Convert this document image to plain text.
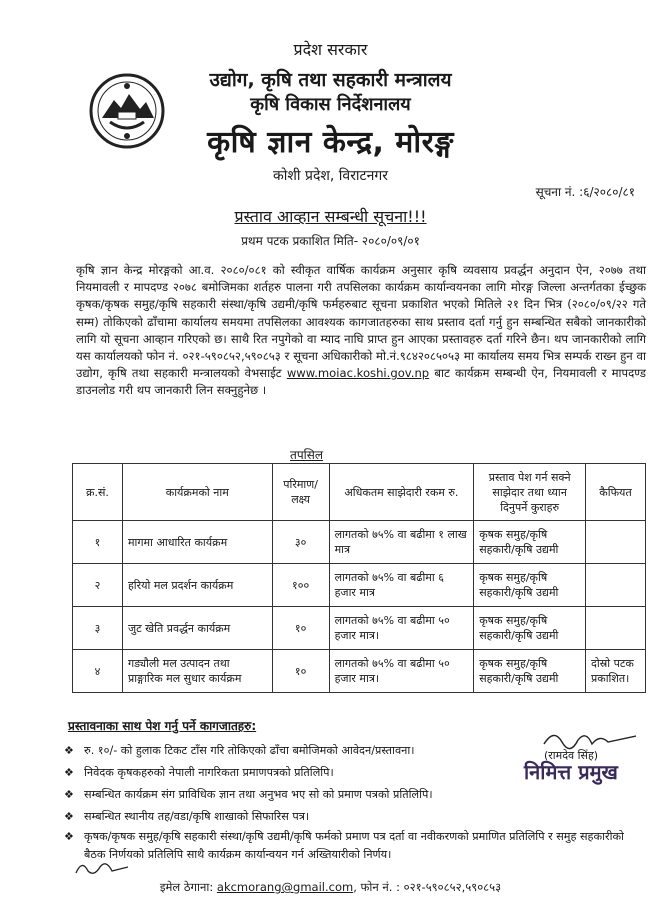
प्रदेश सरकार
उद्योग, कृषि तथा सहकारी मन्त्रालय
कृषि विकास निर्देशनालय
कृषि ज्ञान केन्द्र, मोरङ्ग
कोशी प्रदेश, विराटनगर
सूचना नं. :६/२०८०/८१
प्रस्ताव आव्हान सम्बन्धी सूचना!!!
प्रथम पटक प्रकाशित मिति- २०८०/०९/०१

कृषि ज्ञान केन्द्र मोरङ्गको आ.व. २०८०/०८१ को स्वीकृत वार्षिक कार्यक्रम अनुसार कृषि व्यवसाय प्रवर्द्धन अनुदान ऐन, २०७७ तथा नियमावली र मापदण्ड २०७८ बमोजिमका शर्तहरु पालना गरी तपसिलका कार्यक्रम कार्यान्वयनका लागि मोरङ्ग जिल्ला अन्तर्गतका ईच्छुक कृषक/कृषक समुह/कृषि सहकारी संस्था/कृषि उद्यमी/कृषि फर्महरुबाट सूचना प्रकाशित भएको मितिले २१ दिन भित्र (२०८०/०९/२२ गते सम्म) तोकिएको ढाँचामा कार्यालय समयमा तपसिलका आवश्यक कागजातहरुका साथ प्रस्ताव दर्ता गर्नु हुन सम्बन्धित सबैको जानकारीको लागि यो सूचना आव्हान गरिएको छ। साथै रित नपुगेको वा म्याद नाघि प्राप्त हुन आएका प्रस्तावहरु दर्ता गरिने छैन। थप जानकारीको लागि यस कार्यालयको फोन नं. ०२१-५९०८५२,५९०८५३ र सूचना अधिकारीको मो.नं.९८४२०८५०५३ मा कार्यालय समय भित्र सम्पर्क राख्न हुन वा उद्योग, कृषि तथा सहकारी मन्त्रालयको वेभसाईट www.moiac.koshi.gov.np बाट कार्यक्रम सम्बन्धी ऐन, नियमावली र मापदण्ड डाउनलोड गरी थप जानकारी लिन सक्नुहुनेछ ।

तपसिल
क्र.सं.	कार्यक्रमको नाम	परिमाण/ लक्ष्य	अधिकतम साझेदारी रकम रु.	प्रस्ताव पेश गर्न सक्ने साझेदार तथा ध्यान दिनुपर्ने कुराहरु	कैफियत
१	मागमा आधारित कार्यक्रम	३०	लागतको ७५% वा बढीमा १ लाख मात्र	कृषक समुह/कृषि सहकारी/कृषि उद्यमी	
२	हरियो मल प्रदर्शन कार्यक्रम	१००	लागतको ७५% वा बढीमा ६ हजार मात्र	कृषक समुह/कृषि सहकारी/कृषि उद्यमी	
३	जुट खेति प्रवर्द्धन कार्यक्रम	१०	लागतको ७५% वा बढीमा ५० हजार मात्र।	कृषक समुह/कृषि सहकारी/कृषि उद्यमी	
४	गड्यौली मल उत्पादन तथा प्राङ्गारिक मल सुधार कार्यक्रम	१०	लागतको ७५% वा बढीमा ५० हजार मात्र।	कृषक समुह/कृषि सहकारी/कृषि उद्यमी	दोस्रो पटक प्रकाशित।
प्रस्तावनाका साथ पेश गर्नु पर्ने कागजातहरु:
❖ रु. १०/- को हुलाक टिकट टाँस गरि तोकिएको ढाँचा बमोजिमको आवेदन/प्रस्तावना।
❖ निवेदक कृषकहरुको नेपाली नागरिकता प्रमाणपत्रको प्रतिलिपि।
❖ सम्बन्धित कार्यक्रम संग प्राविधिक ज्ञान तथा अनुभव भए सो को प्रमाण पत्रको प्रतिलिपि।
❖ सम्बन्धित स्थानीय तह/वडा/कृषि शाखाको सिफारिस पत्र।
❖ कृषक/कृषक समुह/कृषि सहकारी संस्था/कृषि उद्यमी/कृषि फर्मको प्रमाण पत्र दर्ता वा नवीकरणको प्रमाणित प्रतिलिपि र समुह सहकारीको बैठक निर्णयको प्रतिलिपि साथै कार्यक्रम कार्यान्वयन गर्न अख्तियारीको निर्णय।
(रामदेव सिंह)
निमित्त प्रमुख
इमेल ठेगाना: akcmorang@gmail.com, फोन नं. : ०२१-५९०८५२,५९०८५३
